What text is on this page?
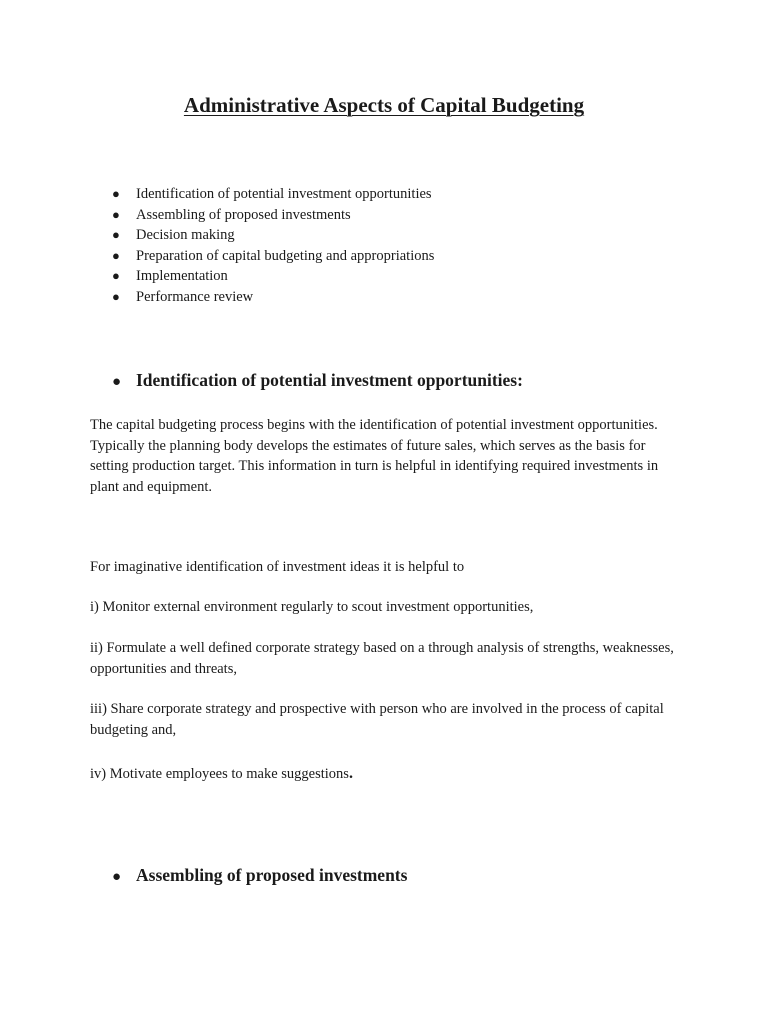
Administrative Aspects of Capital Budgeting
● Identification of potential investment opportunities
● Assembling of proposed investments
● Decision making
● Preparation of capital budgeting and appropriations
● Implementation
● Performance review
● Identification of potential investment opportunities:

The capital budgeting process begins with the identification of potential investment opportunities. Typically the planning body develops the estimates of future sales, which serves as the basis for setting production target. This information in turn is helpful in identifying required investments in plant and equipment.

For imaginative identification of investment ideas it is helpful to

i) Monitor external environment regularly to scout investment opportunities,

ii) Formulate a well defined corporate strategy based on a through analysis of strengths, weaknesses, opportunities and threats,

iii) Share corporate strategy and prospective with person who are involved in the process of capital budgeting and,

iv) Motivate employees to make suggestions.

● Assembling of proposed investments
